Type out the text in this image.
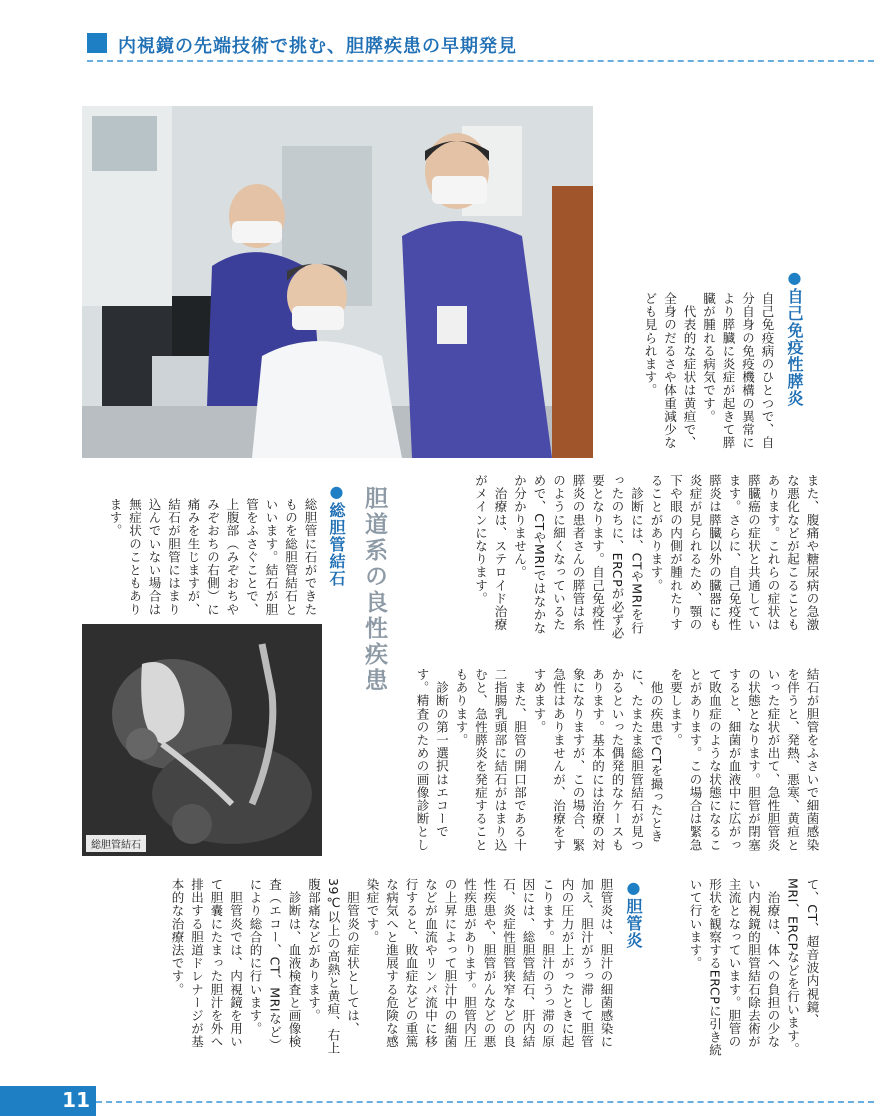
内視鏡の先端技術で挑む、胆膵疾患の早期発見
総胆管結石
●自己免疫性膵炎
自己免疫病のひとつで、自分自身の免疫機構の異常により膵臓に炎症が起きて膵臓が腫れる病気です。
　代表的な症状は黄疸で、全身のだるさや体重減少なども見られます。
また、腹痛や糖尿病の急激な悪化などが起こることもあります。これらの症状は膵臓癌の症状と共通しています。さらに、自己免疫性膵炎は膵臓以外の臓器にも炎症が見られるため、顎の下や眼の内側が腫れたりすることがあります。
　診断には、CTやMRIを行ったのちに、ERCPが必ず必要となります。自己免疫性膵炎の患者さんの膵管は糸のように細くなっているためで、CTやMRIではなかなか分かりません。
　治療は、ステロイド治療がメインになります。
胆道系の良性疾患
●総胆管結石
総胆管に石ができたものを総胆管結石といいます。結石が胆管をふさぐことで、上腹部（みぞおちやみぞおちの右側）に痛みを生じますが、結石が胆管にはまり込んでいない場合は無症状のこともあります。
結石が胆管をふさいで細菌感染を伴うと、発熱、悪寒、黄疸といった症状が出て、急性胆管炎の状態となります。胆管が閉塞すると、細菌が血液中に広がって敗血症のような状態になることがあります。この場合は緊急を要します。
　他の疾患でCTを撮ったときに、たまたま総胆管結石が見つかるといった偶発的なケースもあります。基本的には治療の対象になりますが、この場合、緊急性はありませんが、治療をすすめます。
　また、胆管の開口部である十二指腸乳頭部に結石がはまり込むと、急性膵炎を発症することもあります。
　診断の第一選択はエコーです。精査のための画像診断とし
て、CT、超音波内視鏡、MRI、ERCPなどを行います。
　治療は、体への負担の少ない内視鏡的胆管結石除去術が主流となっています。胆管の形状を観察するERCPに引き続いて行います。
●胆管炎
胆管炎は、胆汁の細菌感染に加え、胆汁がうっ滞して胆管内の圧力が上がったときに起こります。胆汁のうっ滞の原因には、総胆管結石、肝内結石、炎症性胆管狭窄などの良性疾患や、胆管がんなどの悪性疾患があります。胆管内圧の上昇によって胆汁中の細菌などが血流やリンパ流中に移行すると、敗血症などの重篤な病気へと進展する危険な感染症です。
　胆管炎の症状としては、39℃以上の高熱と黄疸、右上腹部痛などがあります。
　診断は、血液検査と画像検査（エコー、CT、MRIなど）により総合的に行います。
　胆管炎では、内視鏡を用いて胆嚢にたまった胆汁を外へ排出する胆道ドレナージが基本的な治療法です。
11
